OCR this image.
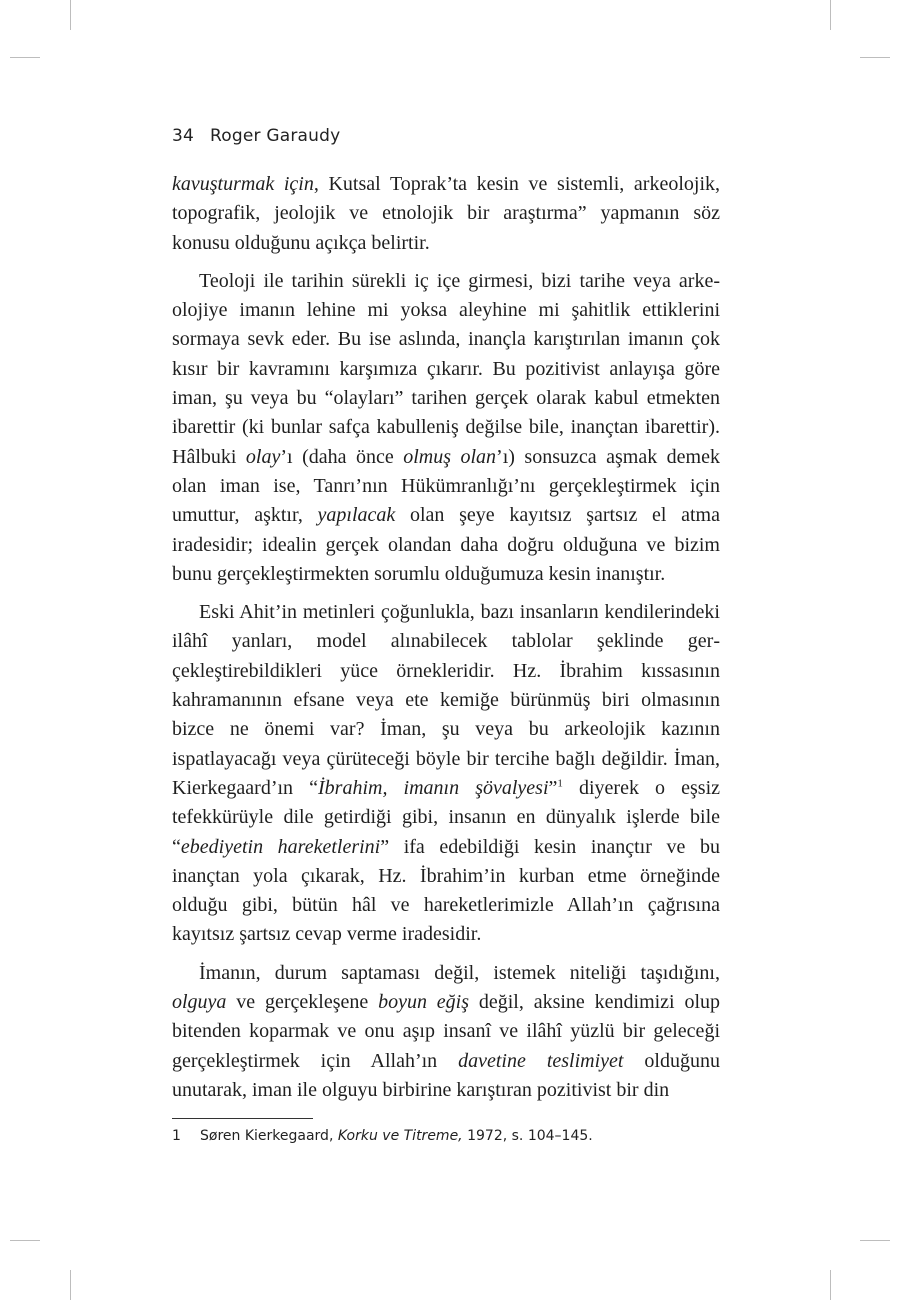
34 Roger Garaudy

kavuşturmak için, Kutsal Toprak’ta kesin ve sistemli, arkeolojik, topografik, jeolojik ve etnolojik bir araştırma” yapmanın söz konusu olduğunu açıkça belirtir.

Teoloji ile tarihin sürekli iç içe girmesi, bizi tarihe veya arkeolojiye imanın lehine mi yoksa aleyhine mi şahitlik ettiklerini sormaya sevk eder. Bu ise aslında, inançla karıştırılan imanın çok kısır bir kavramını karşımıza çıkarır. Bu pozitivist anlayışa göre iman, şu veya bu “olayları” tarihen gerçek olarak kabul etmekten ibarettir (ki bunlar safça kabulleniş değilse bile, inançtan ibarettir). Hâlbuki olay’ı (daha önce olmuş olan’ı) sonsuzca aşmak demek olan iman ise, Tanrı’nın Hükümranlığı’nı gerçekleştirmek için umuttur, aşktır, yapılacak olan şeye kayıtsız şartsız el atma iradesidir; idealin gerçek olandan daha doğru olduğuna ve bizim bunu gerçekleştirmekten sorumlu olduğumuza kesin inanıştır.

Eski Ahit’in metinleri çoğunlukla, bazı insanların kendilerindeki ilâhî yanları, model alınabilecek tablolar şeklinde gerçekleştirebildikleri yüce örnekleridir. Hz. İbrahim kıssasının kahramanının efsane veya ete kemiğe bürünmüş biri olmasının bizce ne önemi var? İman, şu veya bu arkeolojik kazının ispatlayacağı veya çürüteceği böyle bir tercihe bağlı değildir. İman, Kierkegaard’ın “İbrahim, imanın şövalyesi”$^1$ diyerek o eşsiz tefekkürüyle dile getirdiği gibi, insanın en dünyalık işlerde bile “ebediyetin hareketlerini” ifa edebildiği kesin inançtır ve bu inançtan yola çıkarak, Hz. İbrahim’in kurban etme örneğinde olduğu gibi, bütün hâl ve hareketlerimizle Allah’ın çağrısına kayıtsız şartsız cevap verme iradesidir.

İmanın, durum saptaması değil, istemek niteliği taşıdığını, olguya ve gerçekleşene boyun eğiş değil, aksine kendimizi olup bitenden koparmak ve onu aşıp insanî ve ilâhî yüzlü bir geleceği gerçekleştirmek için Allah’ın davetine teslimiyet olduğunu unutarak, iman ile olguyu birbirine karıştıran pozitivist bir din

1 Søren Kierkegaard, Korku ve Titreme, 1972, s. 104–145.
